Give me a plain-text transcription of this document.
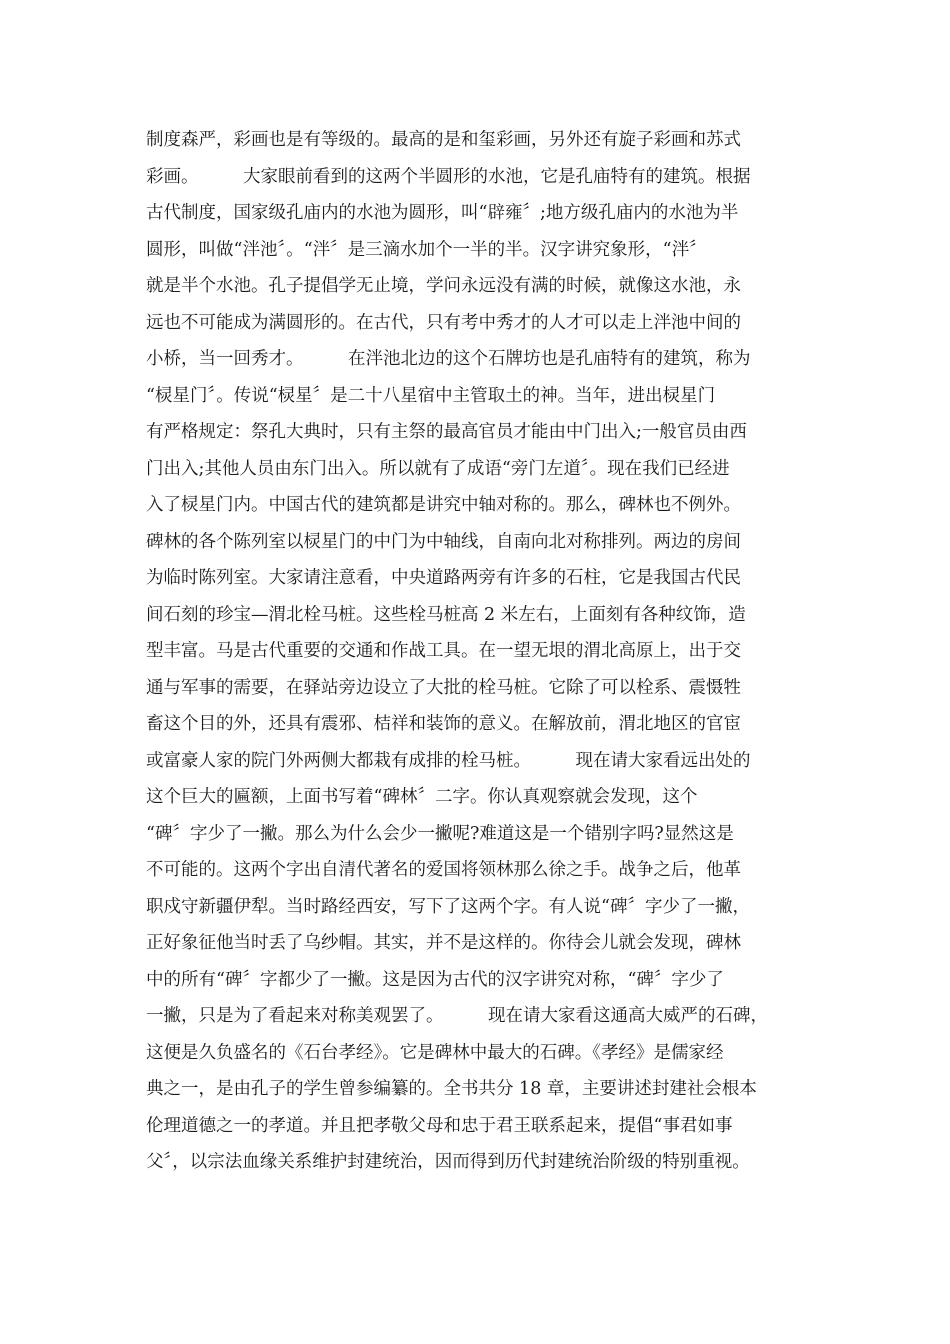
制度森严，彩画也是有等级的。最高的是和玺彩画，另外还有旋子彩画和苏式
彩画。        大家眼前看到的这两个半圆形的水池，它是孔庙特有的建筑。根据
古代制度，国家级孔庙内的水池为圆形，叫“辟雍〞;地方级孔庙内的水池为半
圆形，叫做“泮池〞。“泮〞是三滴水加个一半的半。汉字讲究象形，“泮〞
就是半个水池。孔子提倡学无止境，学问永远没有满的时候，就像这水池，永
远也不可能成为满圆形的。在古代，只有考中秀才的人才可以走上泮池中间的
小桥，当一回秀才。        在泮池北边的这个石牌坊也是孔庙特有的建筑，称为
“棂星门〞。传说“棂星〞是二十八星宿中主管取土的神。当年，进出棂星门
有严格规定：祭孔大典时，只有主祭的最高官员才能由中门出入;一般官员由西
门出入;其他人员由东门出入。所以就有了成语“旁门左道〞。现在我们已经进
入了棂星门内。中国古代的建筑都是讲究中轴对称的。那么，碑林也不例外。
碑林的各个陈列室以棂星门的中门为中轴线，自南向北对称排列。两边的房间
为临时陈列室。大家请注意看，中央道路两旁有许多的石柱，它是我国古代民
间石刻的珍宝—渭北栓马桩。这些栓马桩高 2 米左右，上面刻有各种纹饰，造
型丰富。马是古代重要的交通和作战工具。在一望无垠的渭北高原上，出于交
通与军事的需要，在驿站旁边设立了大批的栓马桩。它除了可以栓系、震慑牲
畜这个目的外，还具有震邪、桔祥和装饰的意义。在解放前，渭北地区的官宦
或富豪人家的院门外两侧大都栽有成排的栓马桩。        现在请大家看远出处的
这个巨大的匾额，上面书写着“碑林〞二字。你认真观察就会发现，这个
“碑〞字少了一撇。那么为什么会少一撇呢?难道这是一个错别字吗?显然这是
不可能的。这两个字出自清代著名的爱国将领林那么徐之手。战争之后，他革
职戍守新疆伊犁。当时路经西安，写下了这两个字。有人说“碑〞字少了一撇，
正好象征他当时丢了乌纱帽。其实，并不是这样的。你待会儿就会发现，碑林
中的所有“碑〞字都少了一撇。这是因为古代的汉字讲究对称，“碑〞字少了
一撇，只是为了看起来对称美观罢了。        现在请大家看这通高大威严的石碑，
这便是久负盛名的《石台孝经》。它是碑林中最大的石碑。《孝经》是儒家经
典之一，是由孔子的学生曾参编纂的。全书共分 18 章，主要讲述封建社会根本
伦理道德之一的孝道。并且把孝敬父母和忠于君王联系起来，提倡“事君如事
父〞，以宗法血缘关系维护封建统治，因而得到历代封建统治阶级的特别重视。
